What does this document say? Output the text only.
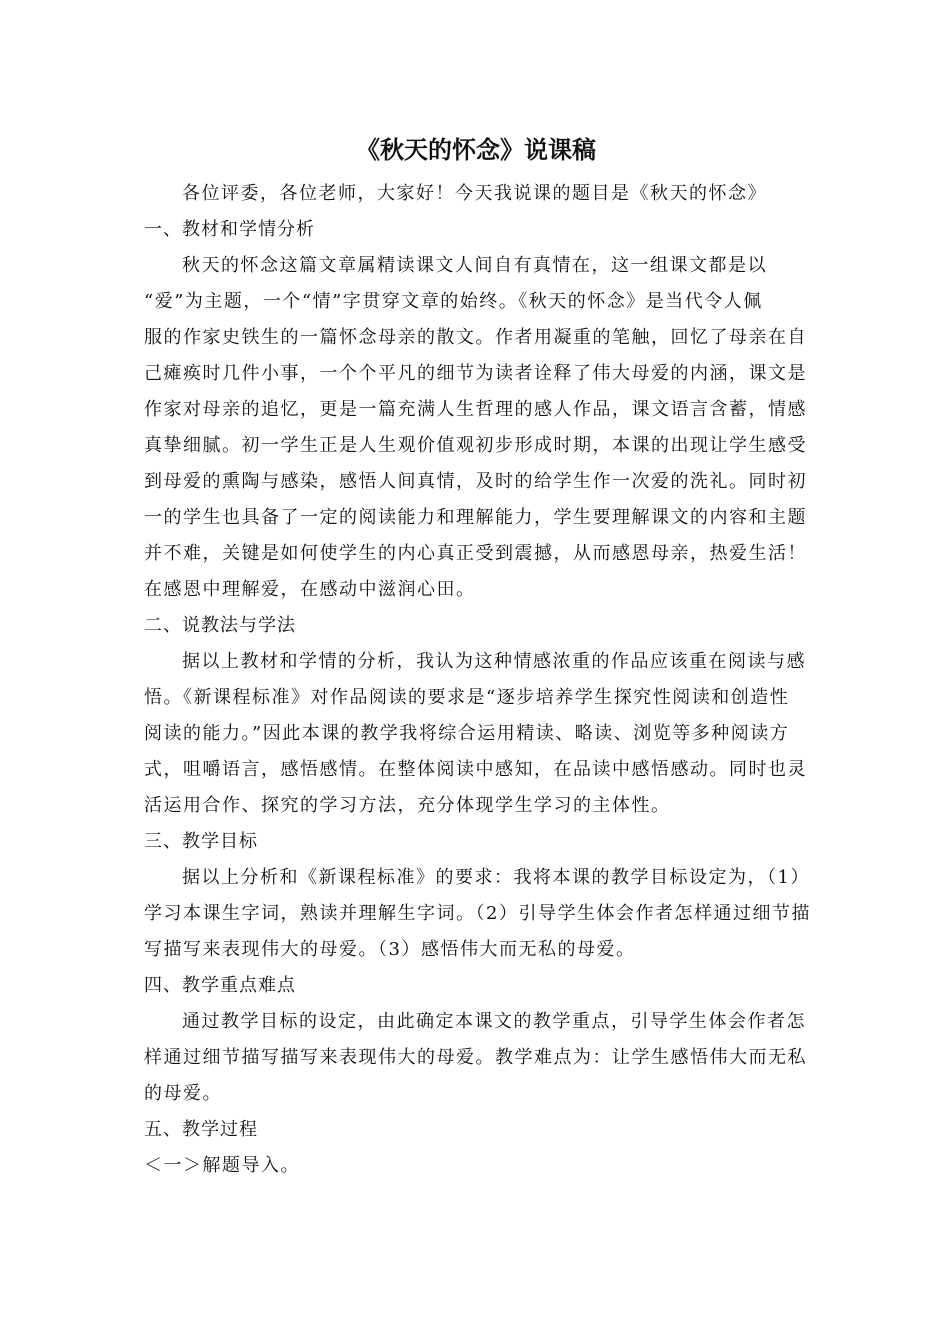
《秋天的怀念》说课稿

各位评委，各位老师，大家好！今天我说课的题目是《秋天的怀念》

一、教材和学情分析

秋天的怀念这篇文章属精读课文人间自有真情在，这一组课文都是以

“爱”为主题，一个“情”字贯穿文章的始终。《秋天的怀念》是当代令人佩

服的作家史铁生的一篇怀念母亲的散文。作者用凝重的笔触，回忆了母亲在自

己瘫痪时几件小事，一个个平凡的细节为读者诠释了伟大母爱的内涵，课文是

作家对母亲的追忆，更是一篇充满人生哲理的感人作品，课文语言含蓄，情感

真挚细腻。初一学生正是人生观价值观初步形成时期，本课的出现让学生感受

到母爱的熏陶与感染，感悟人间真情，及时的给学生作一次爱的洗礼。同时初

一的学生也具备了一定的阅读能力和理解能力，学生要理解课文的内容和主题

并不难，关键是如何使学生的内心真正受到震撼，从而感恩母亲，热爱生活！

在感恩中理解爱，在感动中滋润心田。

二、说教法与学法

据以上教材和学情的分析，我认为这种情感浓重的作品应该重在阅读与感

悟。《新课程标准》对作品阅读的要求是“逐步培养学生探究性阅读和创造性

阅读的能力。”因此本课的教学我将综合运用精读、略读、浏览等多种阅读方

式，咀嚼语言，感悟感情。在整体阅读中感知，在品读中感悟感动。同时也灵

活运用合作、探究的学习方法，充分体现学生学习的主体性。

三、教学目标

据以上分析和《新课程标准》的要求：我将本课的教学目标设定为，（1）

学习本课生字词，熟读并理解生字词。（2）引导学生体会作者怎样通过细节描

写描写来表现伟大的母爱。（3）感悟伟大而无私的母爱。

四、教学重点难点

通过教学目标的设定，由此确定本课文的教学重点，引导学生体会作者怎

样通过细节描写描写来表现伟大的母爱。教学难点为：让学生感悟伟大而无私

的母爱。

五、教学过程

＜一＞解题导入。
